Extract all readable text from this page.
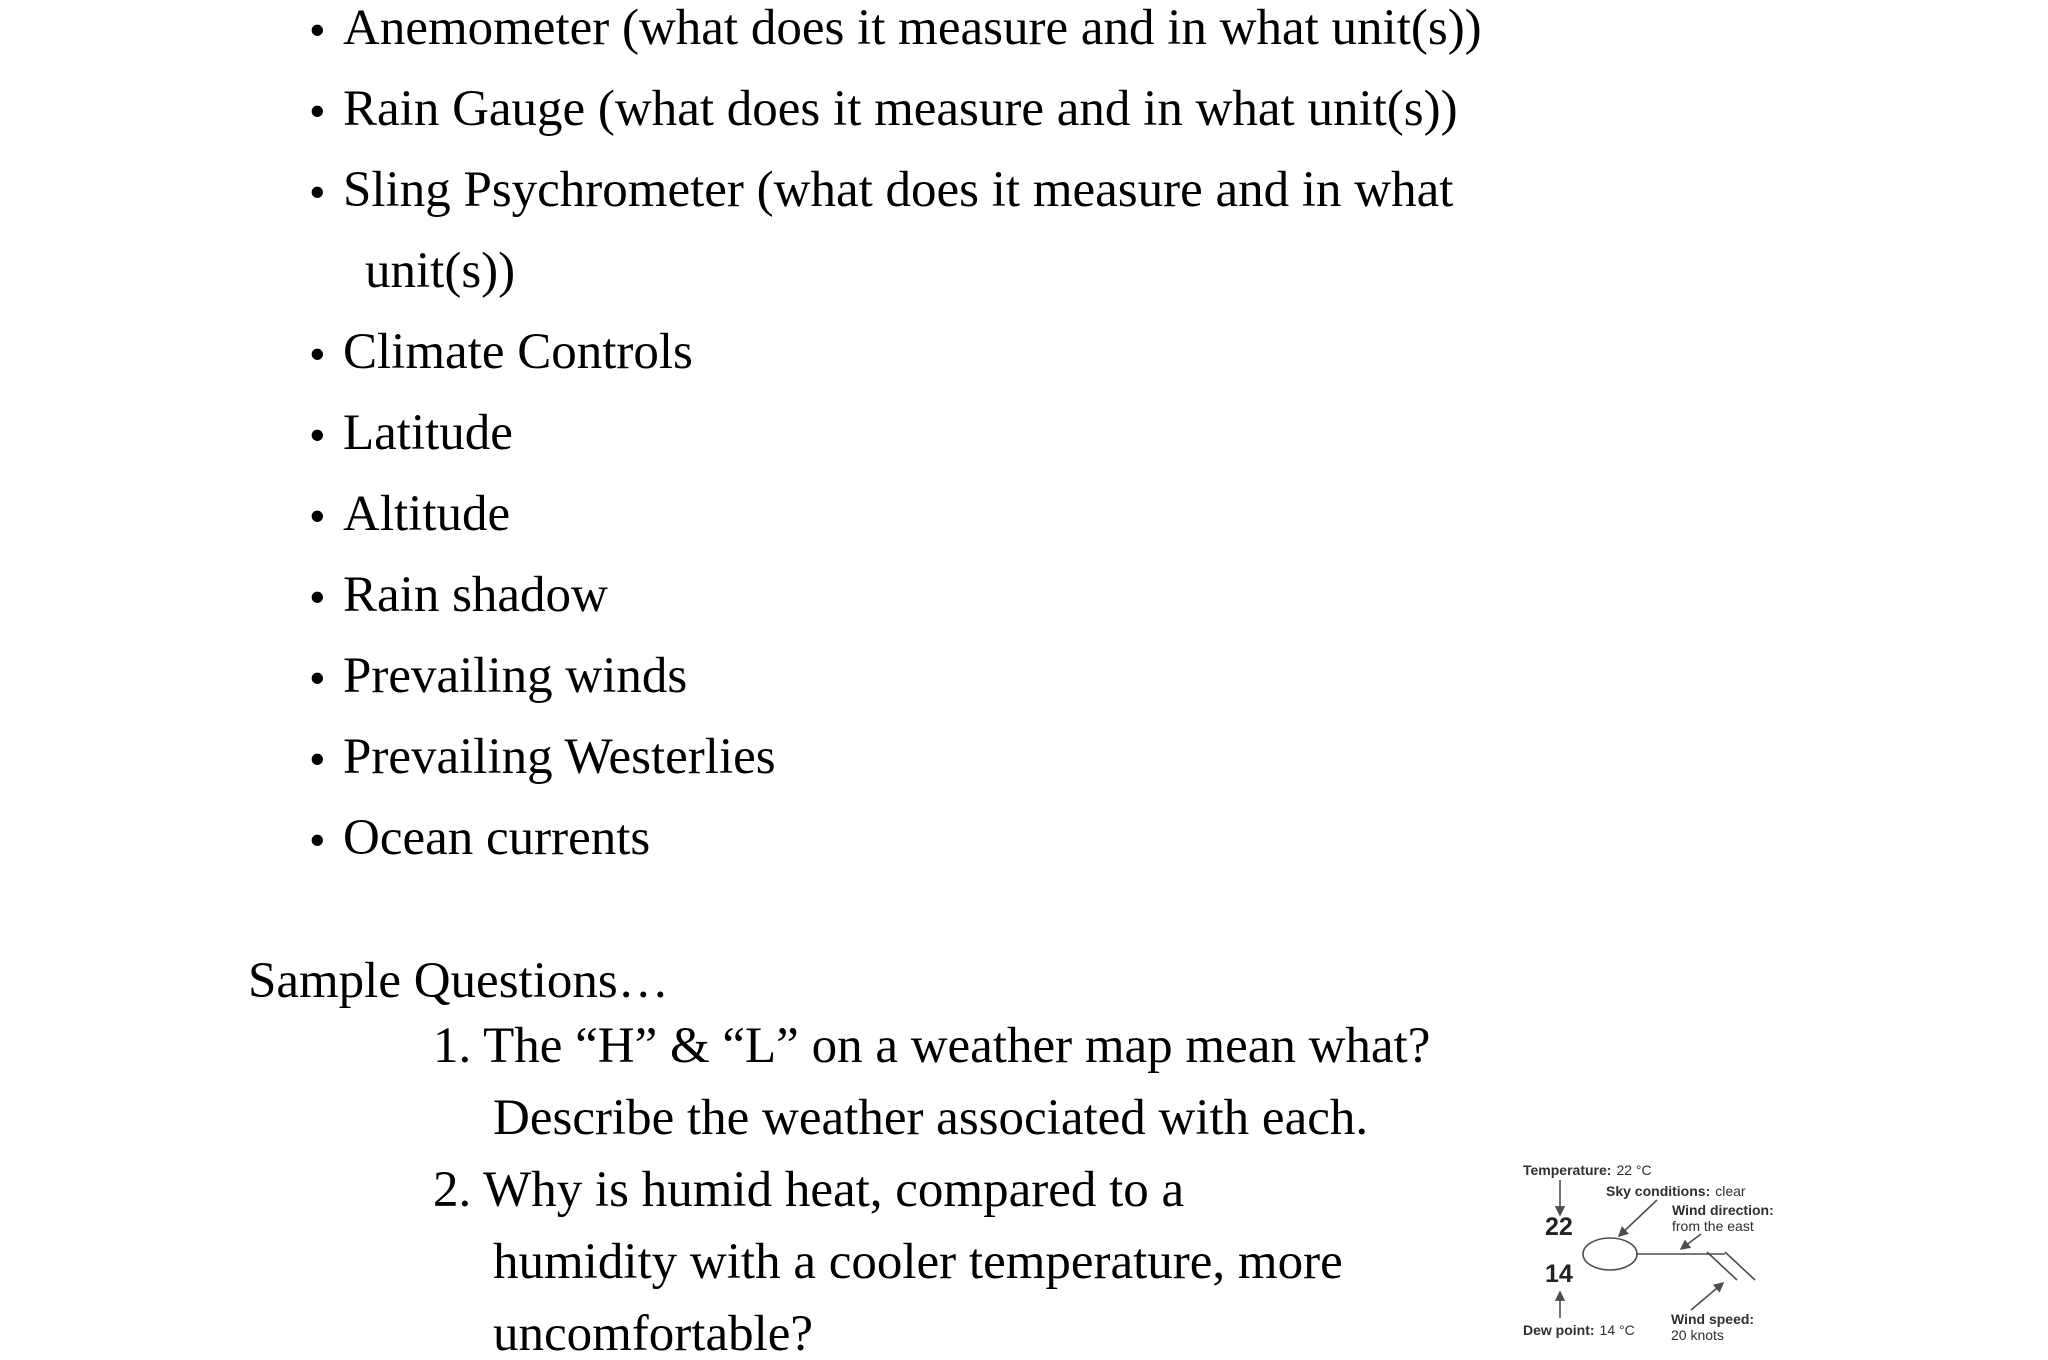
• Anemometer (what does it measure and in what unit(s))
• Rain Gauge (what does it measure and in what unit(s))
• Sling Psychrometer (what does it measure and in what
unit(s))
• Climate Controls
• Latitude
• Altitude
• Rain shadow
• Prevailing winds
• Prevailing Westerlies
• Ocean currents
Sample Questions…
1. The “H” & “L” on a weather map mean what?
Describe the weather associated with each.
2. Why is humid heat, compared to a
humidity with a cooler temperature, more
uncomfortable?
Temperature: 22 °C
22
Sky conditions: clear
Wind direction:
from the east
14
Dew point: 14 °C
Wind speed:
20 knots
